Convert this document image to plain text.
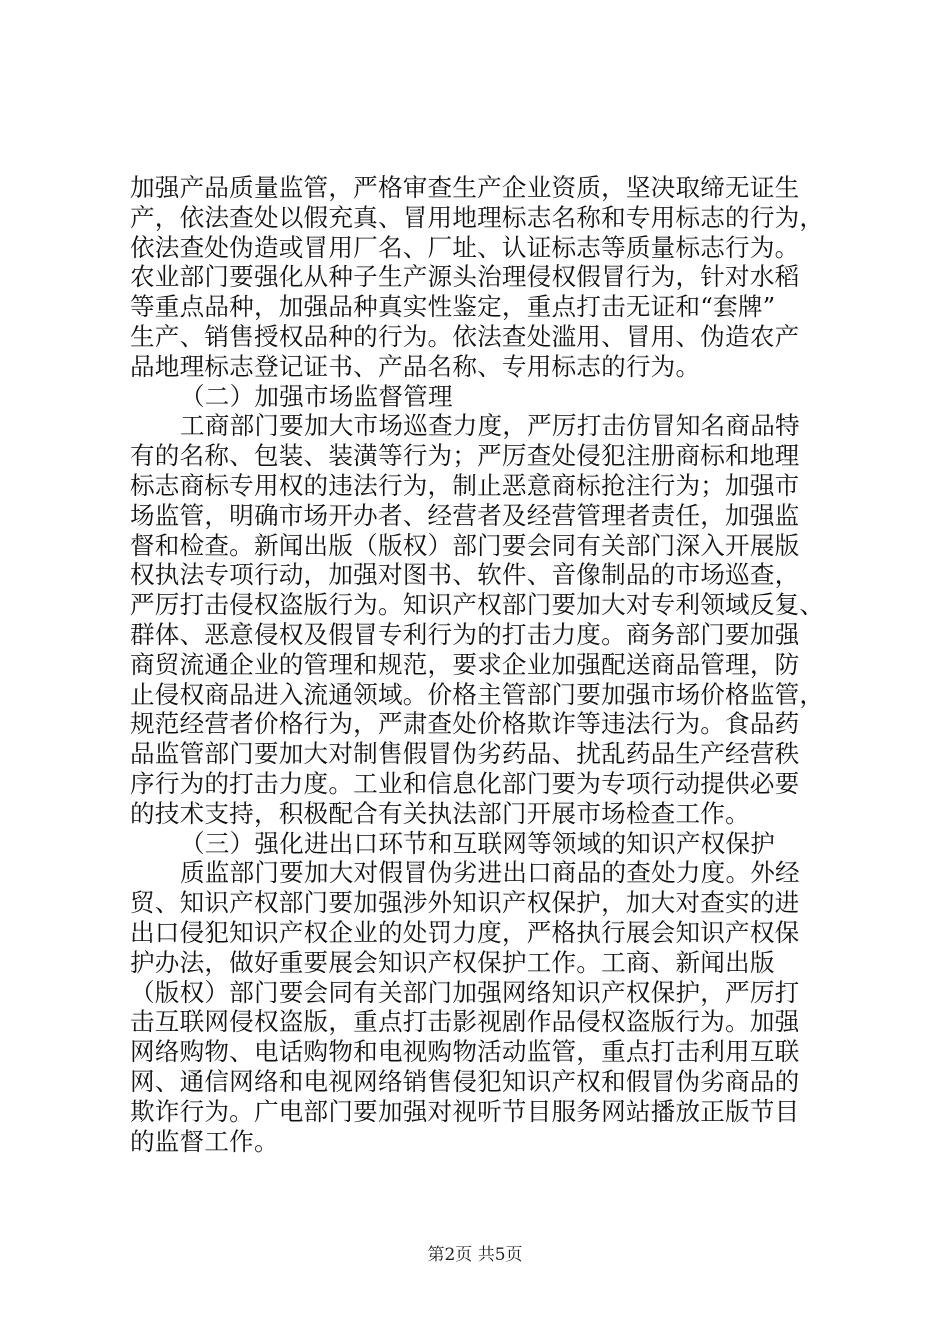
加强产品质量监管，严格审查生产企业资质，坚决取缔无证生
产，依法查处以假充真、冒用地理标志名称和专用标志的行为，
依法查处伪造或冒用厂名、厂址、认证标志等质量标志行为。
农业部门要强化从种子生产源头治理侵权假冒行为，针对水稻
等重点品种，加强品种真实性鉴定，重点打击无证和“套牌”
生产、销售授权品种的行为。依法查处滥用、冒用、伪造农产
品地理标志登记证书、产品名称、专用标志的行为。
（二）加强市场监督管理
工商部门要加大市场巡查力度，严厉打击仿冒知名商品特
有的名称、包装、装潢等行为；严厉查处侵犯注册商标和地理
标志商标专用权的违法行为，制止恶意商标抢注行为；加强市
场监管，明确市场开办者、经营者及经营管理者责任，加强监
督和检查。新闻出版（版权）部门要会同有关部门深入开展版
权执法专项行动，加强对图书、软件、音像制品的市场巡查，
严厉打击侵权盗版行为。知识产权部门要加大对专利领域反复、
群体、恶意侵权及假冒专利行为的打击力度。商务部门要加强
商贸流通企业的管理和规范，要求企业加强配送商品管理，防
止侵权商品进入流通领域。价格主管部门要加强市场价格监管，
规范经营者价格行为，严肃查处价格欺诈等违法行为。食品药
品监管部门要加大对制售假冒伪劣药品、扰乱药品生产经营秩
序行为的打击力度。工业和信息化部门要为专项行动提供必要
的技术支持，积极配合有关执法部门开展市场检查工作。
（三）强化进出口环节和互联网等领域的知识产权保护
质监部门要加大对假冒伪劣进出口商品的查处力度。外经
贸、知识产权部门要加强涉外知识产权保护，加大对查实的进
出口侵犯知识产权企业的处罚力度，严格执行展会知识产权保
护办法，做好重要展会知识产权保护工作。工商、新闻出版
（版权）部门要会同有关部门加强网络知识产权保护，严厉打
击互联网侵权盗版，重点打击影视剧作品侵权盗版行为。加强
网络购物、电话购物和电视购物活动监管，重点打击利用互联
网、通信网络和电视网络销售侵犯知识产权和假冒伪劣商品的
欺诈行为。广电部门要加强对视听节目服务网站播放正版节目
的监督工作。
第2页 共5页
